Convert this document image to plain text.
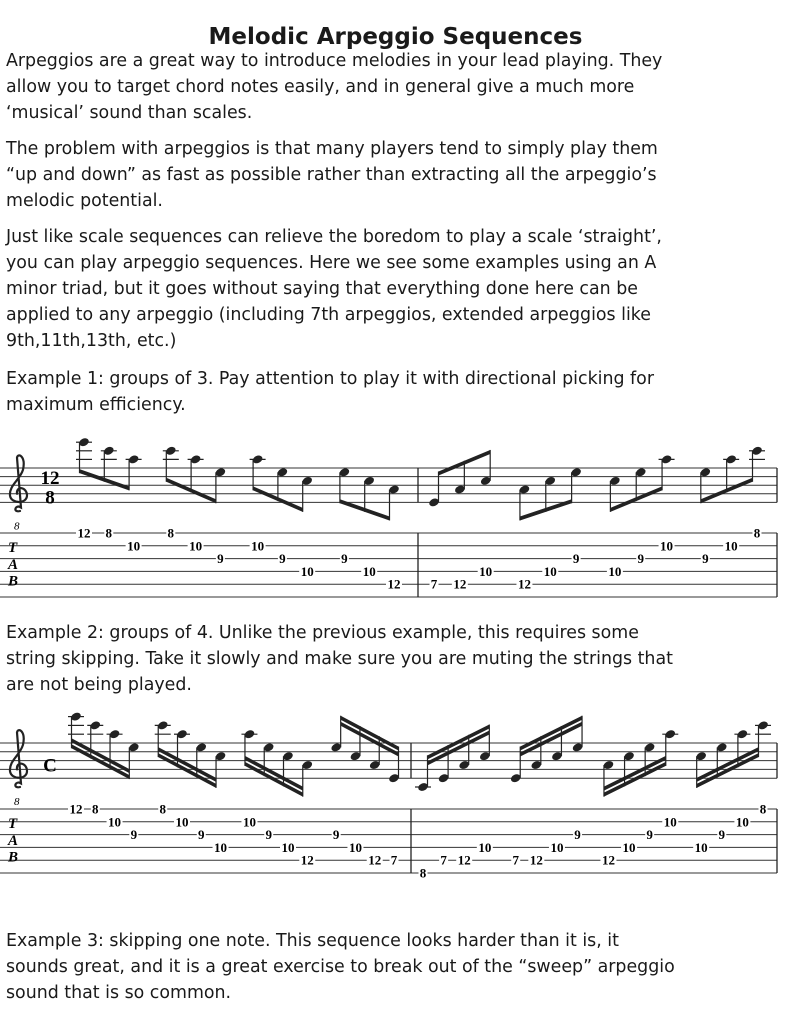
Melodic Arpeggio Sequences
Arpeggios are a great way to introduce melodies in your lead playing. They
allow you to target chord notes easily, and in general give a much more
‘musical’ sound than scales.
The problem with arpeggios is that many players tend to simply play them
“up and down” as fast as possible rather than extracting all the arpeggio’s
melodic potential.
Just like scale sequences can relieve the boredom to play a scale ‘straight’,
you can play arpeggio sequences. Here we see some examples using an A
minor triad, but it goes without saying that everything done here can be
applied to any arpeggio (including 7th arpeggios, extended arpeggios like
9th,11th,13th, etc.)
Example 1: groups of 3. Pay attention to play it with directional picking for
maximum efficiency.
8
12
8
T
A
B
12 8
10
8
10
9
10
9
10
9
10
12 7 12
10
12
10
9
10
9
10
9
10
8
Example 2: groups of 4. Unlike the previous example, this requires some
string skipping. Take it slowly and make sure you are muting the strings that
are not being played.
8
C
T
A
B
12 8
10
9
8
10
9
10
10
9
10
12
9
10
12 7
8
7 12
10
7 12
10
9
12
10
9
10
10
9
10
8
Example 3: skipping one note. This sequence looks harder than it is, it
sounds great, and it is a great exercise to break out of the “sweep” arpeggio
sound that is so common.
